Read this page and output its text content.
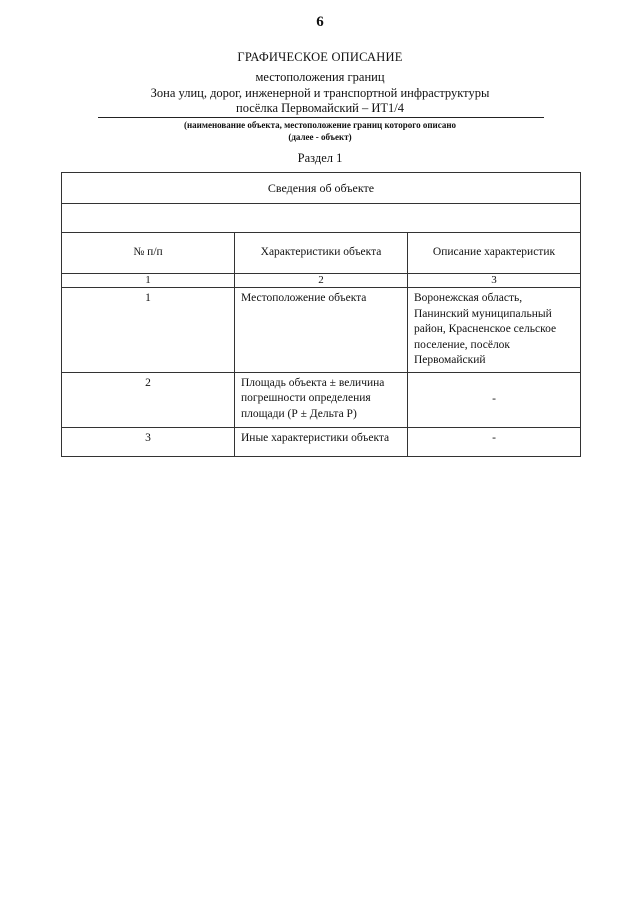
6
ГРАФИЧЕСКОЕ ОПИСАНИЕ
местоположения границ
Зона улиц, дорог, инженерной и транспортной инфраструктуры
посёлка Первомайский – ИТ1/4
(наименование объекта, местоположение границ которого описано
(далее - объект)
Раздел 1
Сведения об объекте		

№ п/п	Характеристики объекта	Описание характеристик
1	2	3
1	Местоположение объекта	Воронежская область, Панинский муниципальный район, Красненское сельское поселение, посёлок Первомайский
2	Площадь объекта ± величина погрешности определения площади (Р ± Дельта Р)	-
3	Иные характеристики объекта	-
